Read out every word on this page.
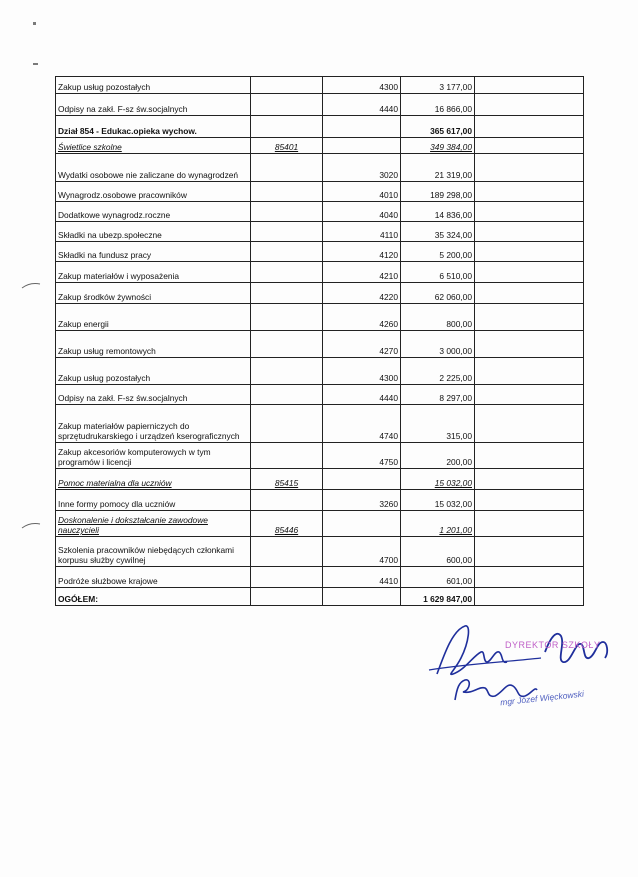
Zakup usług pozostałych		4300	3 177,00	
Odpisy na zakł. F-sz św.socjalnych		4440	16 866,00	
Dział 854 - Edukac.opieka wychow.			365 617,00	
Świetlice szkolne	85401		349 384,00	
Wydatki osobowe nie zaliczane do wynagrodzeń		3020	21 319,00	
Wynagrodz.osobowe pracowników		4010	189 298,00	
Dodatkowe wynagrodz.roczne		4040	14 836,00	
Składki na ubezp.społeczne		4110	35 324,00	
Składki na fundusz pracy		4120	5 200,00	
Zakup materiałów i wyposażenia		4210	6 510,00	
Zakup środków żywności		4220	62 060,00	
Zakup energii		4260	800,00	
Zakup usług remontowych		4270	3 000,00	
Zakup usług pozostałych		4300	2 225,00	
Odpisy na zakł. F-sz św.socjalnych		4440	8 297,00	
Zakup materiałów papierniczych do sprzętudrukarskiego i urządzeń kserograficznych		4740	315,00	
Zakup akcesoriów komputerowych w tym programów i licencji		4750	200,00	
Pomoc materialna dla uczniów	85415		15 032,00	
Inne formy pomocy dla uczniów		3260	15 032,00	
Doskonalenie i dokształcanie zawodowe nauczycieli	85446		1 201,00	
Szkolenia pracowników niebędących członkami korpusu służby cywilnej		4700	600,00	
Podróże służbowe krajowe		4410	601,00	
OGÓŁEM:			1 629 847,00	
DYREKTOR SZKOŁY
mgr Józef Więckowski
